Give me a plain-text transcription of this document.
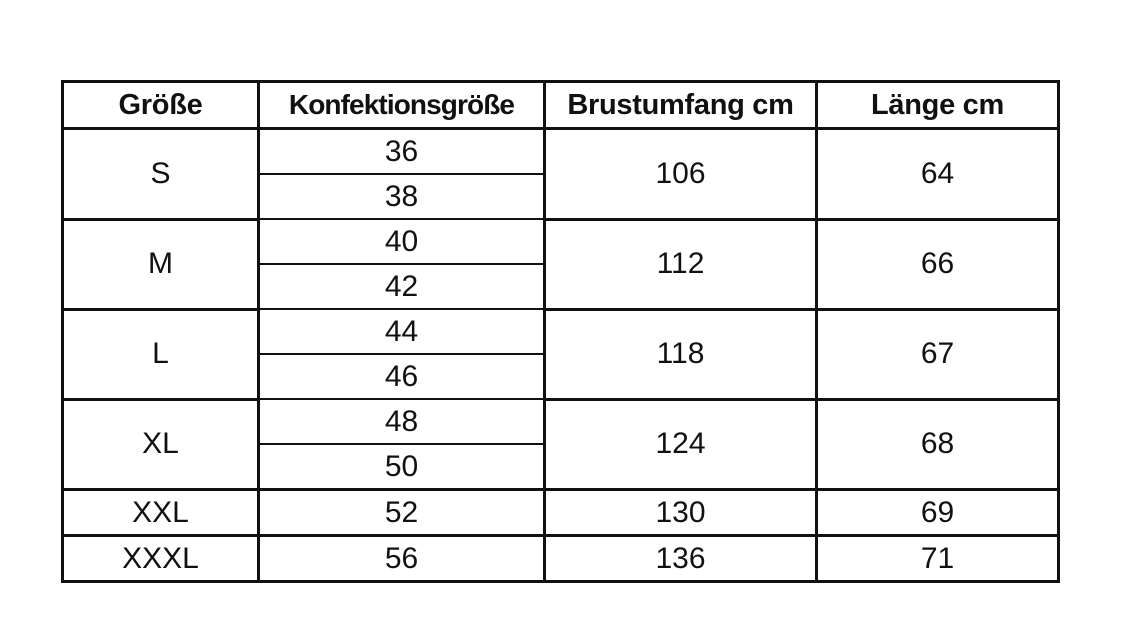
Größe	Konfektionsgröße	Brustumfang cm	Länge cm
S	36	106	64
	38		
M	40	112	66
	42		
L	44	118	67
	46		
XL	48	124	68
	50		
XXL	52	130	69
XXXL	56	136	71
